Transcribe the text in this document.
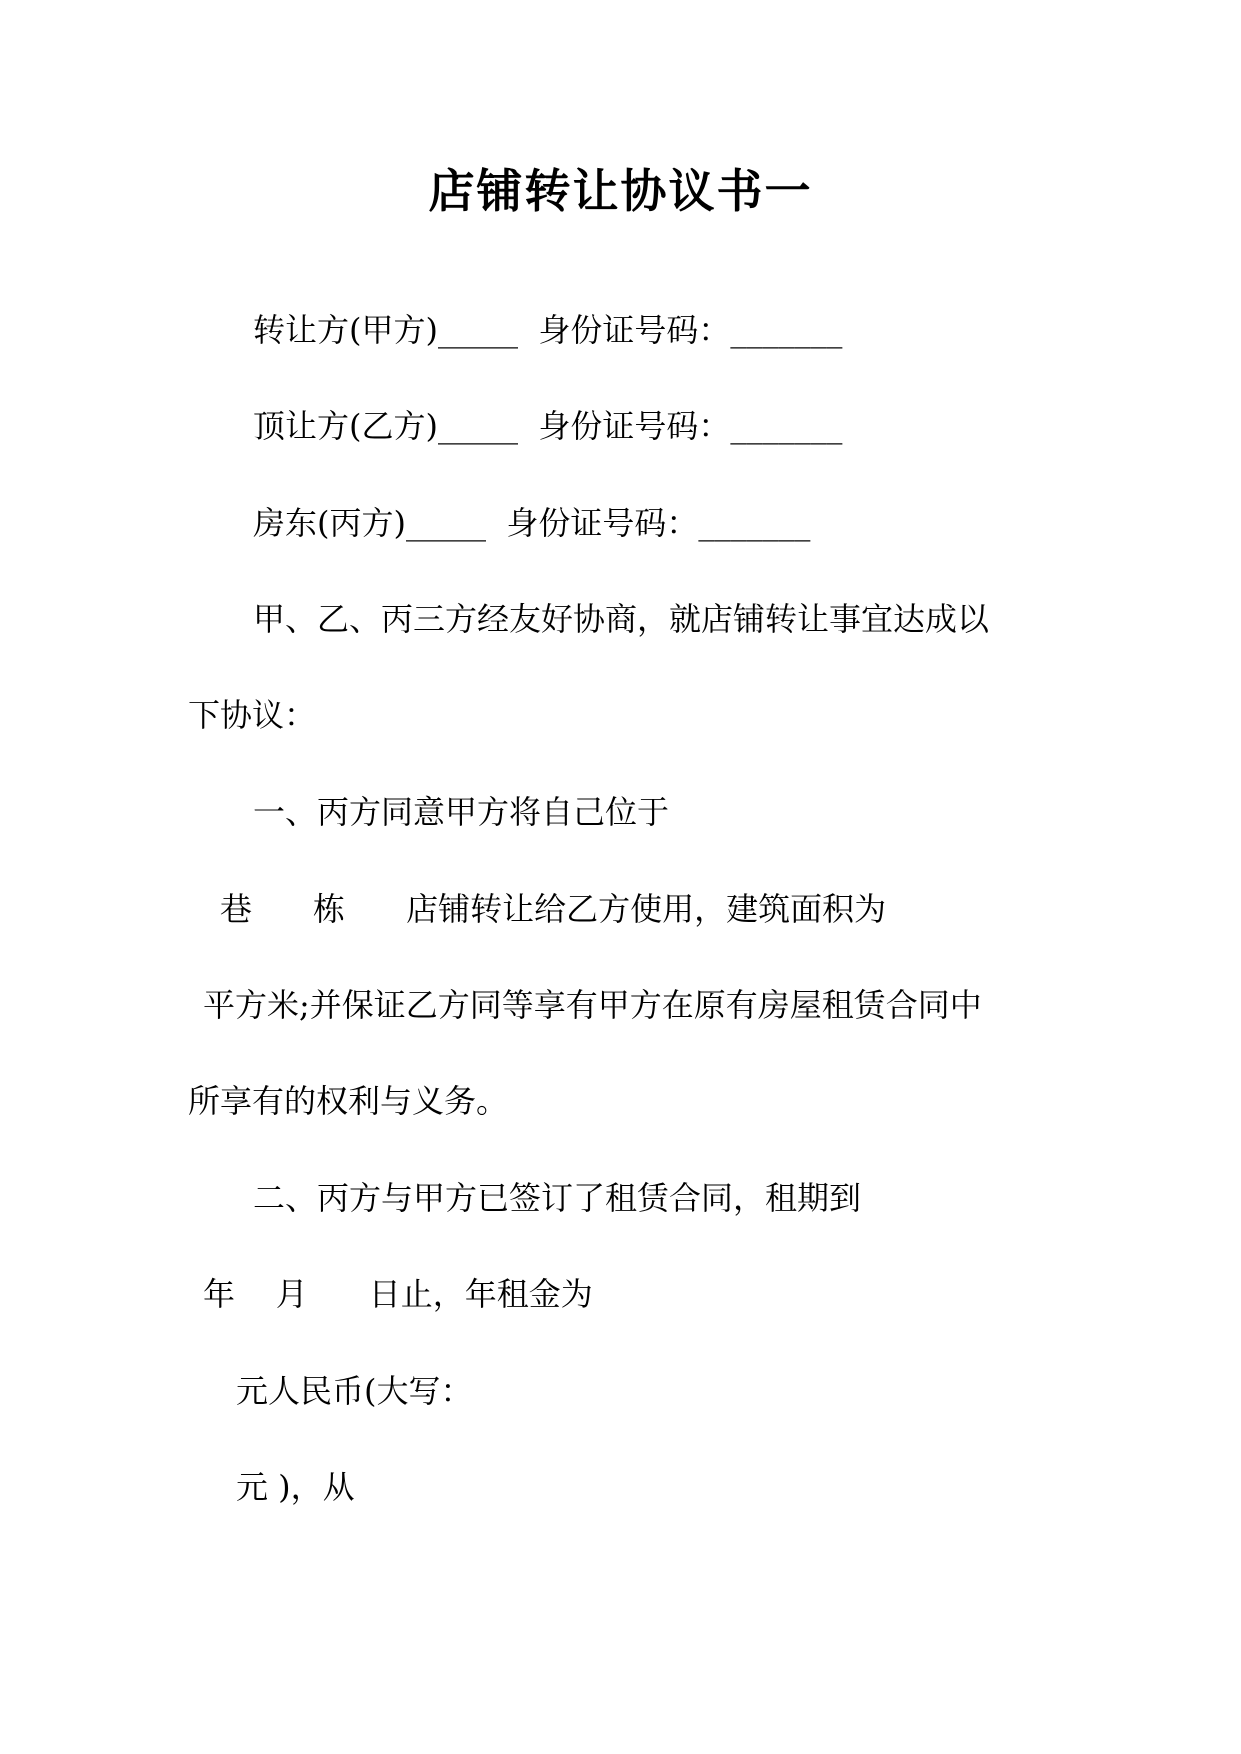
店铺转让协议书一
转让方(甲方)_____  身份证号码：_______
顶让方(乙方)_____  身份证号码：_______
房东(丙方)_____  身份证号码：_______
甲、乙、丙三方经友好协商，就店铺转让事宜达成以
下协议：
一、丙方同意甲方将自己位于
巷      栋      店铺转让给乙方使用，建筑面积为
平方米;并保证乙方同等享有甲方在原有房屋租赁合同中
所享有的权利与义务。
二、丙方与甲方已签订了租赁合同，租期到
年    月      日止，年租金为
元人民币(大写：
元 )，从
